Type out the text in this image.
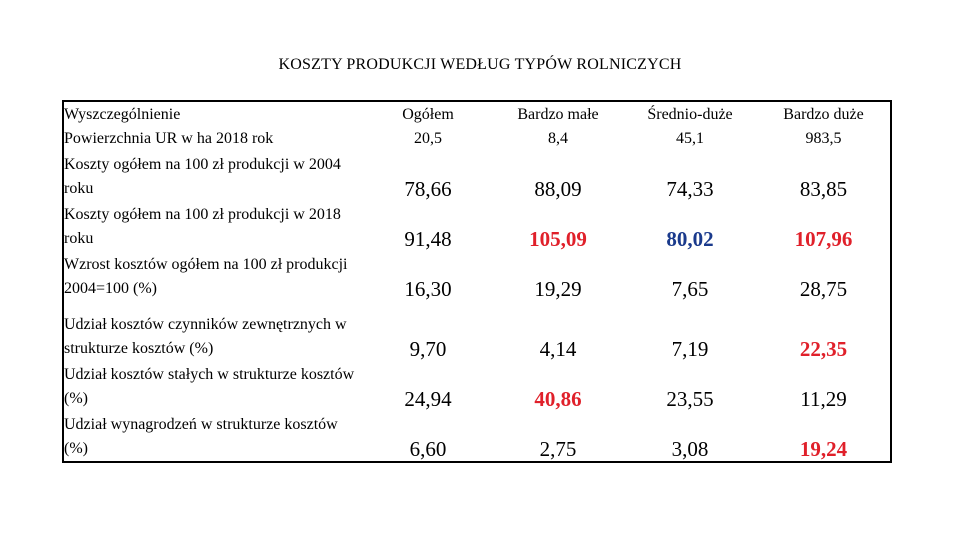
KOSZTY PRODUKCJI WEDŁUG TYPÓW ROLNICZYCH
Wyszczególnienie	Ogółem	Bardzo małe	Średnio-duże	Bardzo duże
Powierzchnia UR w ha 2018 rok	20,5	8,4	45,1	983,5
Koszty ogółem na 100 zł produkcji w 2004 roku	78,66	88,09	74,33	83,85
Koszty ogółem na 100 zł produkcji w 2018 roku	91,48	105,09	80,02	107,96
Wzrost kosztów ogółem na 100 zł produkcji 2004=100 (%)	16,30	19,29	7,65	28,75
Udział kosztów czynników zewnętrznych w strukturze kosztów (%)	9,70	4,14	7,19	22,35
Udział kosztów stałych w strukturze kosztów (%)	24,94	40,86	23,55	11,29
Udział wynagrodzeń w strukturze kosztów (%)	6,60	2,75	3,08	19,24
